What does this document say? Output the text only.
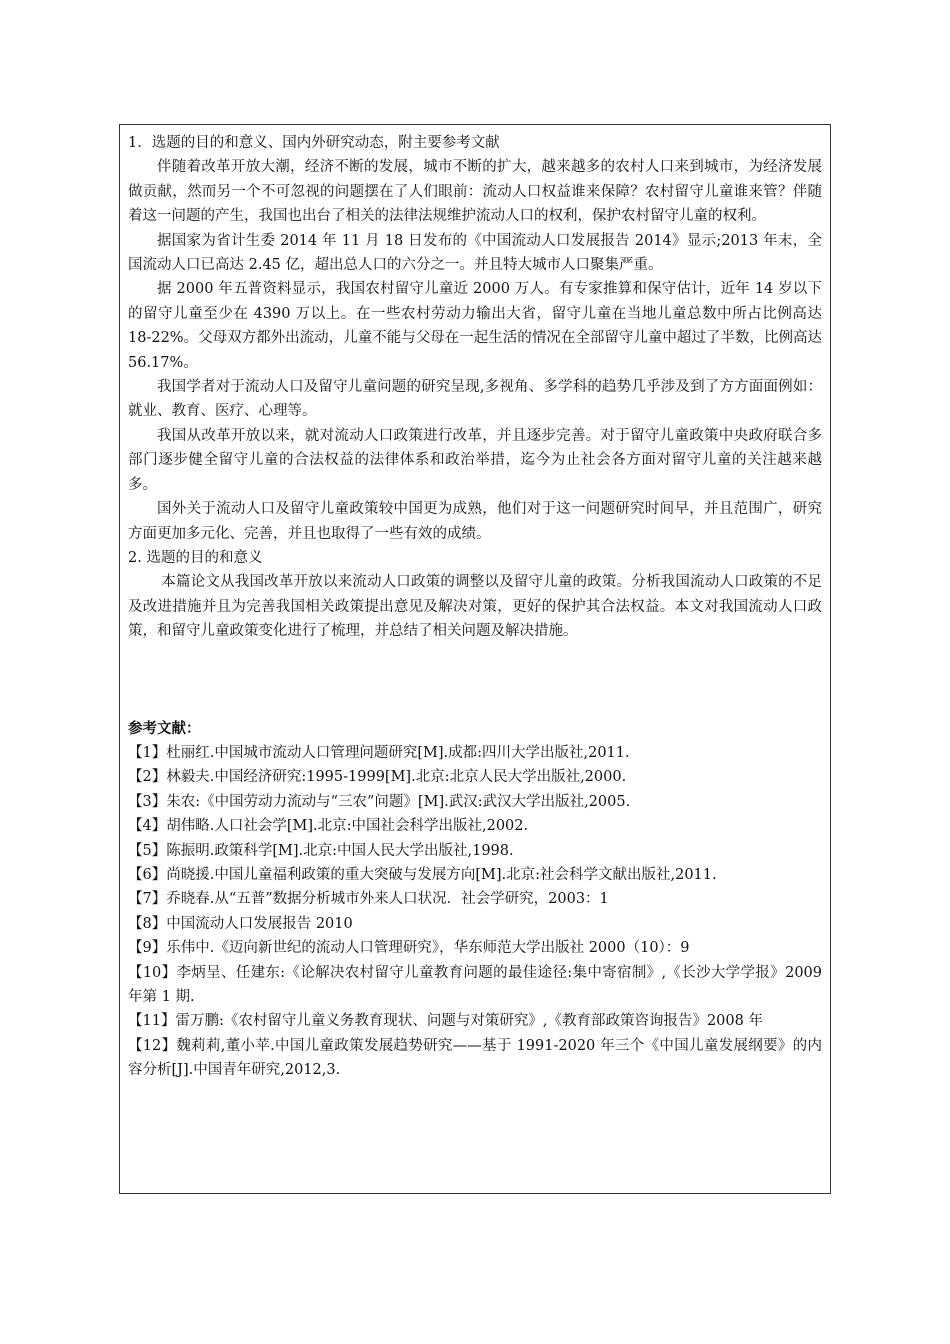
1．选题的目的和意义、国内外研究动态，附主要参考文献

伴随着改革开放大潮，经济不断的发展，城市不断的扩大，越来越多的农村人口来到城市，为经济发展做贡献，然而另一个不可忽视的问题摆在了人们眼前：流动人口权益谁来保障？农村留守儿童谁来管？伴随着这一问题的产生，我国也出台了相关的法律法规维护流动人口的权利，保护农村留守儿童的权利。

据国家为省计生委 2014 年 11 月 18 日发布的《中国流动人口发展报告 2014》显示;2013 年末，全国流动人口已高达 2.45 亿，超出总人口的六分之一。并且特大城市人口聚集严重。

据 2000 年五普资料显示，我国农村留守儿童近 2000 万人。有专家推算和保守估计，近年 14 岁以下的留守儿童至少在 4390 万以上。在一些农村劳动力输出大省，留守儿童在当地儿童总数中所占比例高达 18-22%。父母双方都外出流动，儿童不能与父母在一起生活的情况在全部留守儿童中超过了半数，比例高达 56.17%。

我国学者对于流动人口及留守儿童问题的研究呈现,多视角、多学科的趋势几乎涉及到了方方面面例如：就业、教育、医疗、心理等。

我国从改革开放以来，就对流动人口政策进行改革，并且逐步完善。对于留守儿童政策中央政府联合多部门逐步健全留守儿童的合法权益的法律体系和政治举措，迄今为止社会各方面对留守儿童的关注越来越多。

国外关于流动人口及留守儿童政策较中国更为成熟，他们对于这一问题研究时间早，并且范围广，研究方面更加多元化、完善，并且也取得了一些有效的成绩。

2. 选题的目的和意义

本篇论文从我国改革开放以来流动人口政策的调整以及留守儿童的政策。分析我国流动人口政策的不足及改进措施并且为完善我国相关政策提出意见及解决对策，更好的保护其合法权益。本文对我国流动人口政策，和留守儿童政策变化进行了梳理，并总结了相关问题及解决措施。

参考文献：

【1】杜丽红.中国城市流动人口管理问题研究[M].成都:四川大学出版社,2011.

【2】林毅夫.中国经济研究:1995-1999[M].北京:北京人民大学出版社,2000.

【3】朱农:《中国劳动力流动与“三农”问题》[M].武汉:武汉大学出版社,2005.

【4】胡伟略.人口社会学[M].北京:中国社会科学出版社,2002.

【5】陈振明.政策科学[M].北京:中国人民大学出版社,1998.

【6】尚晓援.中国儿童福利政策的重大突破与发展方向[M].北京:社会科学文献出版社,2011.

【7】乔晓春.从“五普”数据分析城市外来人口状况．社会学研究，2003：1

【8】中国流动人口发展报告 2010

【9】乐伟中.《迈向新世纪的流动人口管理研究》，华东师范大学出版社 2000（10）：9

【10】李炳呈、任建东:《论解决农村留守儿童教育问题的最佳途径:集中寄宿制》,《长沙大学学报》2009 年第 1 期.

【11】雷万鹏:《农村留守儿童义务教育现状、问题与对策研究》,《教育部政策咨询报告》2008 年

【12】魏莉莉,董小苹.中国儿童政策发展趋势研究——基于 1991-2020 年三个《中国儿童发展纲要》的内容分析[J].中国青年研究,2012,3.
